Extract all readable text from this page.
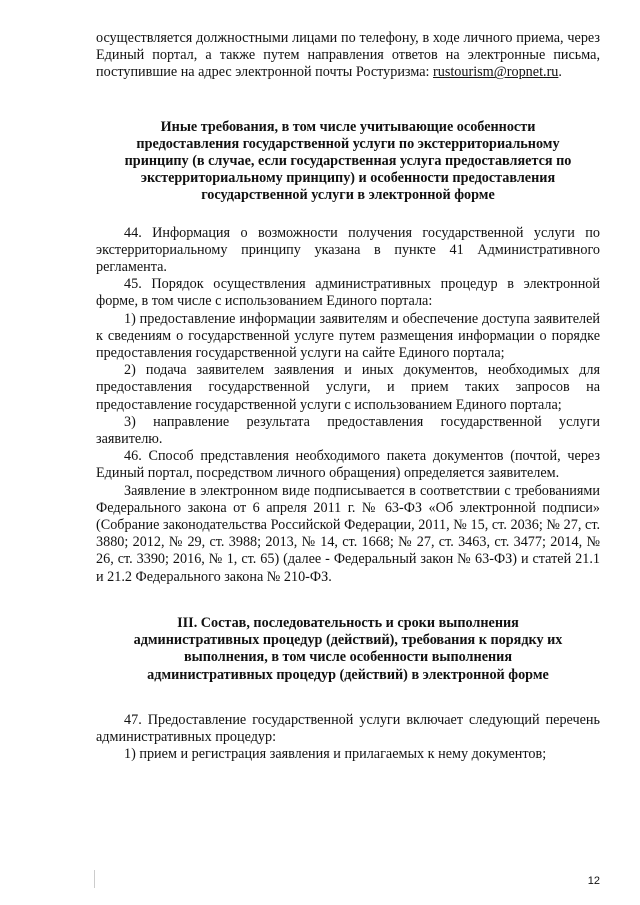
осуществляется должностными лицами по телефону, в ходе личного приема, через Единый портал, а также путем направления ответов на электронные письма, поступившие на адрес электронной почты Ростуризма: rustourism@ropnet.ru.

Иные требования, в том числе учитывающие особенности предоставления государственной услуги по экстерриториальному принципу (в случае, если государственная услуга предоставляется по экстерриториальному принципу) и особенности предоставления государственной услуги в электронной форме

44. Информация о возможности получения государственной услуги по экстерриториальному принципу указана в пункте 41 Административного регламента.

45. Порядок осуществления административных процедур в электронной форме, в том числе с использованием Единого портала:

1) предоставление информации заявителям и обеспечение доступа заявителей к сведениям о государственной услуге путем размещения информации о порядке предоставления государственной услуги на сайте Единого портала;

2) подача заявителем заявления и иных документов, необходимых для предоставления государственной услуги, и прием таких запросов на предоставление государственной услуги с использованием Единого портала;

3) направление результата предоставления государственной услуги заявителю.

46. Способ представления необходимого пакета документов (почтой, через Единый портал, посредством личного обращения) определяется заявителем.

Заявление в электронном виде подписывается в соответствии с требованиями Федерального закона от 6 апреля 2011 г. № 63-ФЗ «Об электронной подписи» (Собрание законодательства Российской Федерации, 2011, № 15, ст. 2036; № 27, ст. 3880; 2012, № 29, ст. 3988; 2013, № 14, ст. 1668; № 27, ст. 3463, ст. 3477; 2014, № 26, ст. 3390; 2016, № 1, ст. 65) (далее - Федеральный закон № 63-ФЗ) и статей 21.1 и 21.2 Федерального закона № 210-ФЗ.

III. Состав, последовательность и сроки выполнения административных процедур (действий), требования к порядку их выполнения, в том числе особенности выполнения административных процедур (действий) в электронной форме

47. Предоставление государственной услуги включает следующий перечень административных процедур:

1) прием и регистрация заявления и прилагаемых к нему документов;

12
